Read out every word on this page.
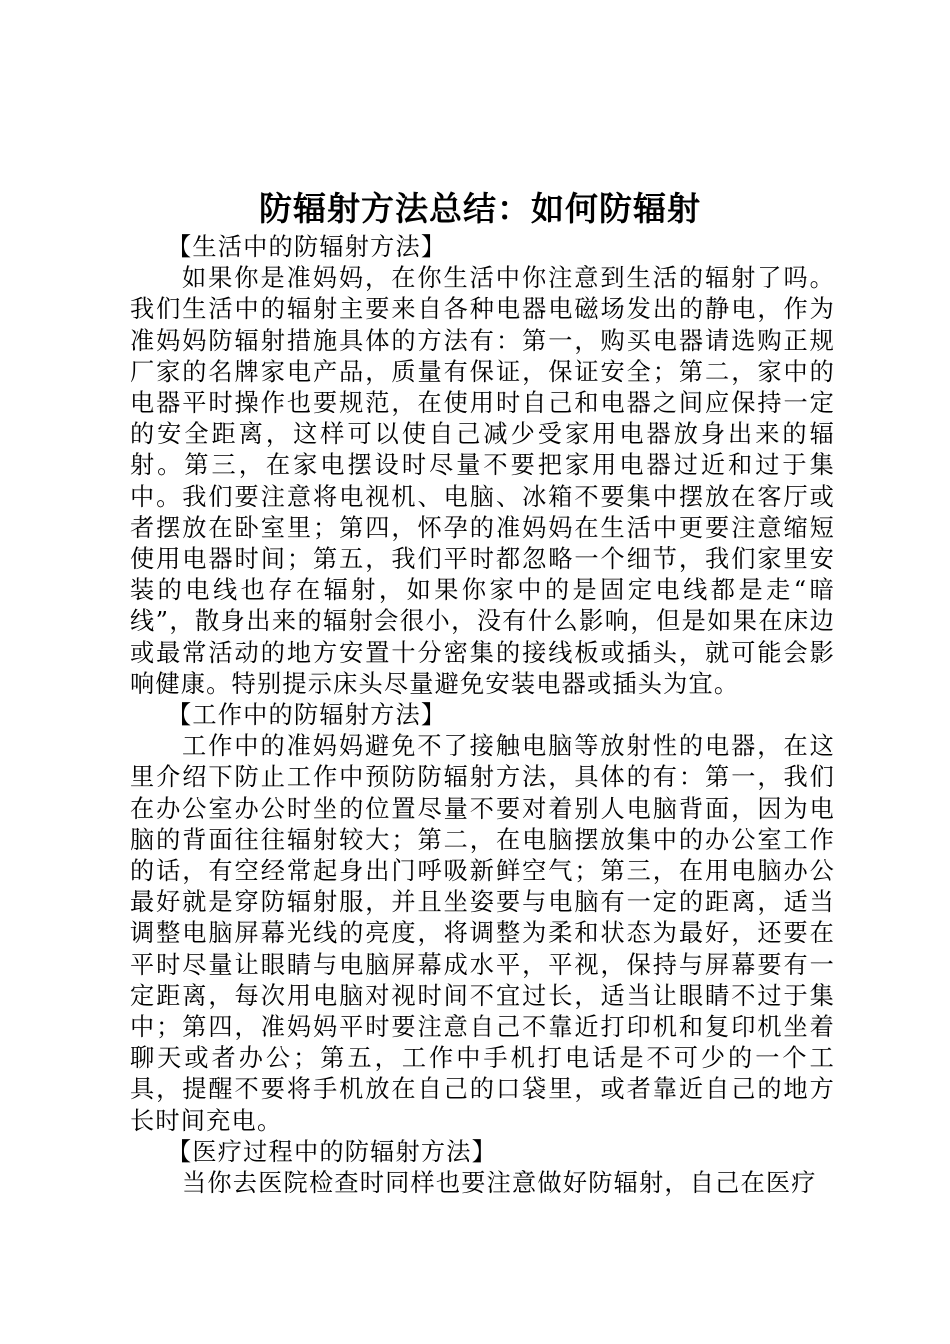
防辐射方法总结：如何防辐射
【生活中的防辐射方法】

如果你是准妈妈，在你生活中你注意到生活的辐射了吗。我们生活中的辐射主要来自各种电器电磁场发出的静电，作为准妈妈防辐射措施具体的方法有：第一，购买电器请选购正规厂家的名牌家电产品，质量有保证，保证安全；第二，家中的电器平时操作也要规范，在使用时自己和电器之间应保持一定的安全距离，这样可以使自己减少受家用电器放身出来的辐射。第三，在家电摆设时尽量不要把家用电器过近和过于集中。我们要注意将电视机、电脑、冰箱不要集中摆放在客厅或者摆放在卧室里；第四，怀孕的准妈妈在生活中更要注意缩短使用电器时间；第五，我们平时都忽略一个细节，我们家里安装的电线也存在辐射，如果你家中的是固定电线都是走“暗线”，散身出来的辐射会很小，没有什么影响，但是如果在床边或最常活动的地方安置十分密集的接线板或插头，就可能会影响健康。特别提示床头尽量避免安装电器或插头为宜。

【工作中的防辐射方法】

工作中的准妈妈避免不了接触电脑等放射性的电器，在这里介绍下防止工作中预防防辐射方法，具体的有：第一，我们在办公室办公时坐的位置尽量不要对着别人电脑背面，因为电脑的背面往往辐射较大；第二，在电脑摆放集中的办公室工作的话，有空经常起身出门呼吸新鲜空气；第三，在用电脑办公最好就是穿防辐射服，并且坐姿要与电脑有一定的距离，适当调整电脑屏幕光线的亮度，将调整为柔和状态为最好，还要在平时尽量让眼睛与电脑屏幕成水平，平视，保持与屏幕要有一定距离，每次用电脑对视时间不宜过长，适当让眼睛不过于集中；第四，准妈妈平时要注意自己不靠近打印机和复印机坐着聊天或者办公；第五，工作中手机打电话是不可少的一个工具，提醒不要将手机放在自己的口袋里，或者靠近自己的地方长时间充电。

【医疗过程中的防辐射方法】

当你去医院检查时同样也要注意做好防辐射，自己在医疗
